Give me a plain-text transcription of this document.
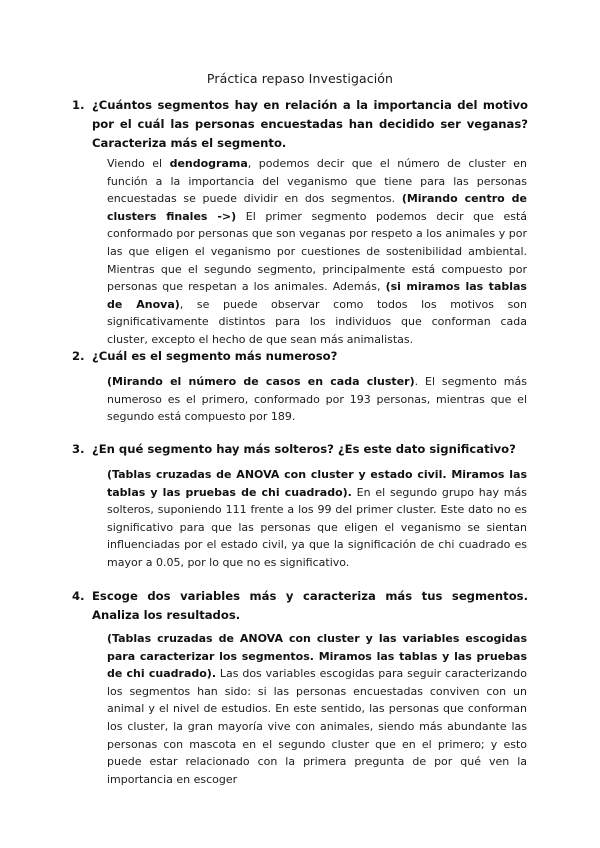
Práctica repaso Investigación
1. ¿Cuántos segmentos hay en relación a la importancia del motivo por el cuál las personas encuestadas han decidido ser veganas? Caracteriza más el segmento.
Viendo el dendograma, podemos decir que el número de cluster en función a la importancia del veganismo que tiene para las personas encuestadas se puede dividir en dos segmentos. (Mirando centro de clusters finales ->) El primer segmento podemos decir que está conformado por personas que son veganas por respeto a los animales y por las que eligen el veganismo por cuestiones de sostenibilidad ambiental. Mientras que el segundo segmento, principalmente está compuesto por personas que respetan a los animales. Además, (si miramos las tablas de Anova), se puede observar como todos los motivos son significativamente distintos para los individuos que conforman cada cluster, excepto el hecho de que sean más animalistas.
2. ¿Cuál es el segmento más numeroso?
(Mirando el número de casos en cada cluster). El segmento más numeroso es el primero, conformado por 193 personas, mientras que el segundo está compuesto por 189.
3. ¿En qué segmento hay más solteros? ¿Es este dato significativo?
(Tablas cruzadas de ANOVA con cluster y estado civil. Miramos las tablas y las pruebas de chi cuadrado). En el segundo grupo hay más solteros, suponiendo 111 frente a los 99 del primer cluster. Este dato no es significativo para que las personas que eligen el veganismo se sientan influenciadas por el estado civil, ya que la significación de chi cuadrado es mayor a 0.05, por lo que no es significativo.
4. Escoge dos variables más y caracteriza más tus segmentos. Analiza los resultados.
(Tablas cruzadas de ANOVA con cluster y las variables escogidas para caracterizar los segmentos. Miramos las tablas y las pruebas de chi cuadrado). Las dos variables escogidas para seguir caracterizando los segmentos han sido: si las personas encuestadas conviven con un animal y el nivel de estudios. En este sentido, las personas que conforman los cluster, la gran mayoría vive con animales, siendo más abundante las personas con mascota en el segundo cluster que en el primero; y esto puede estar relacionado con la primera pregunta de por qué ven la importancia en escoger
